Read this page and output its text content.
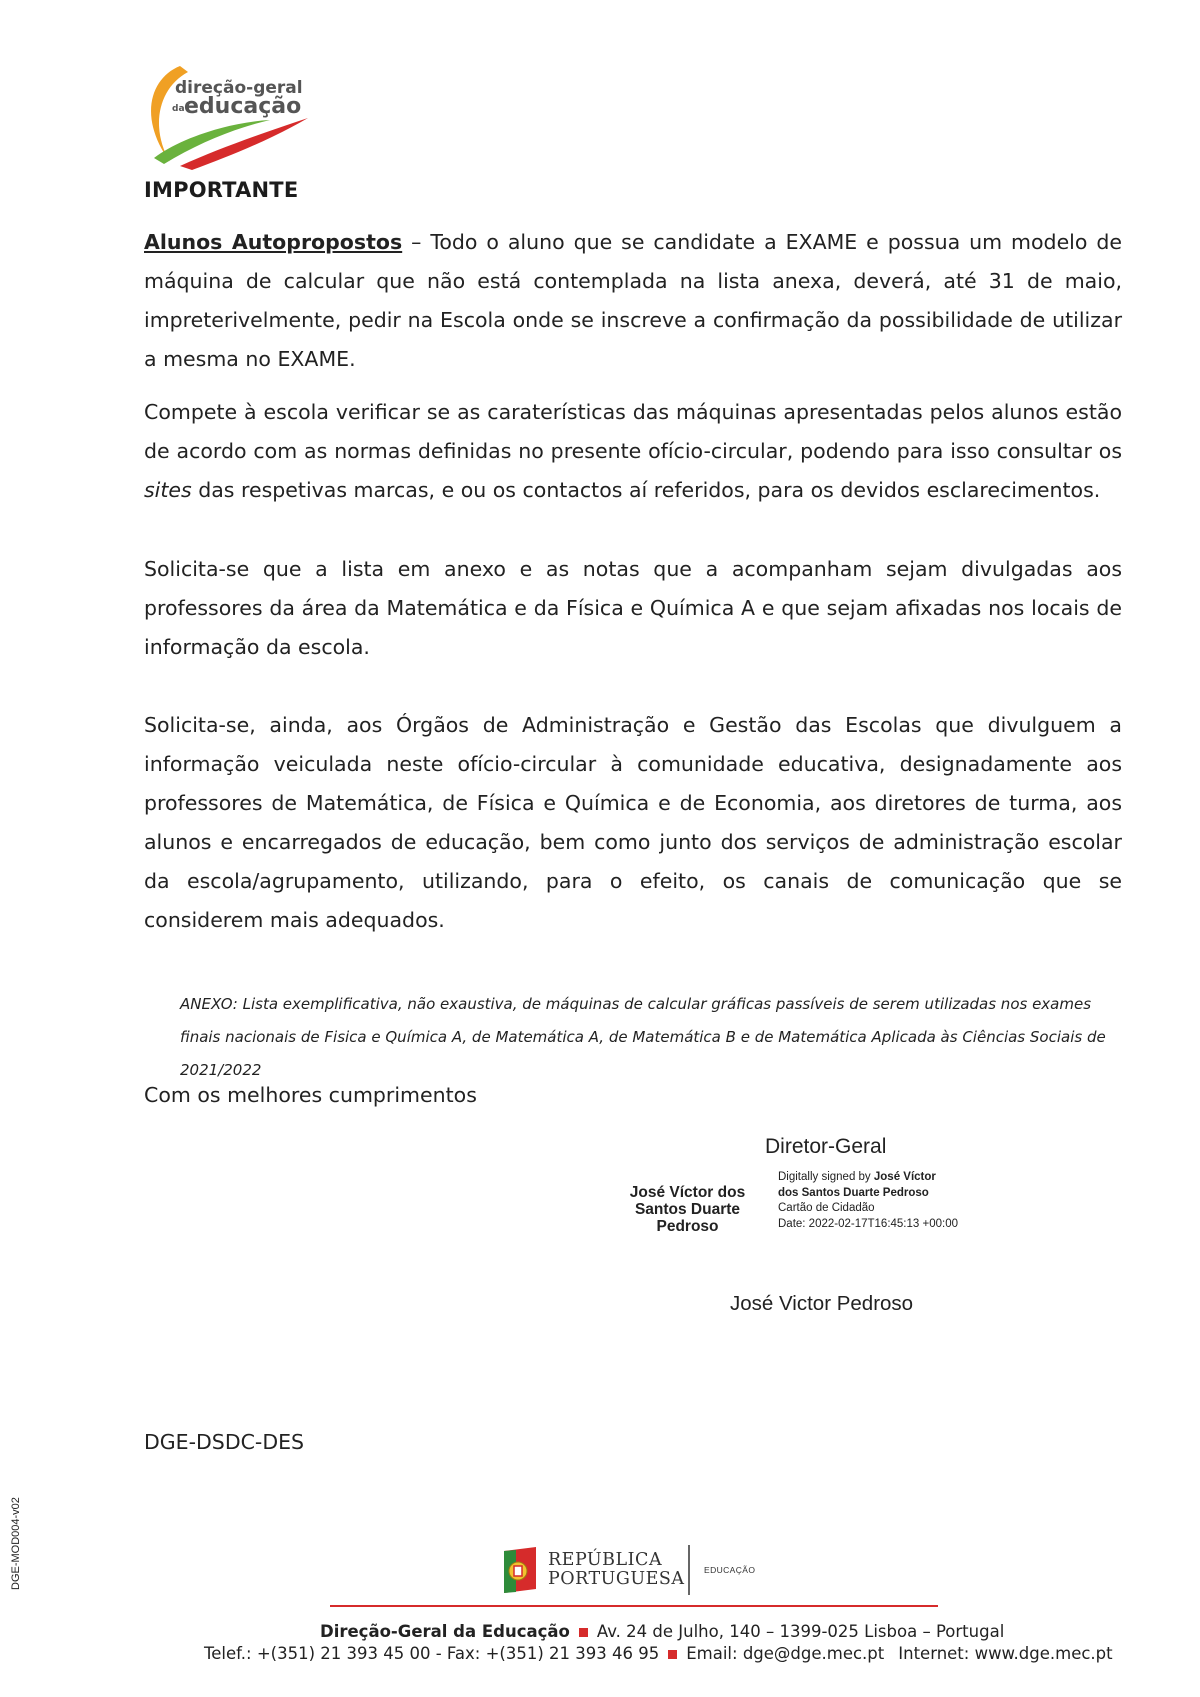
direção-geral
da educação
IMPORTANTE
Alunos Autopropostos – Todo o aluno que se candidate a EXAME e possua um modelo de máquina de calcular que não está contemplada na lista anexa, deverá, até 31 de maio, impreterivelmente, pedir na Escola onde se inscreve a confirmação da possibilidade de utilizar a mesma no EXAME.
Compete à escola verificar se as caraterísticas das máquinas apresentadas pelos alunos estão de acordo com as normas definidas no presente ofício-circular, podendo para isso consultar os sites das respetivas marcas, e ou os contactos aí referidos, para os devidos esclarecimentos.
Solicita-se que a lista em anexo e as notas que a acompanham sejam divulgadas aos professores da área da Matemática e da Física e Química A e que sejam afixadas nos locais de informação da escola.
Solicita-se, ainda, aos Órgãos de Administração e Gestão das Escolas que divulguem a informação veiculada neste ofício-circular à comunidade educativa, designadamente aos professores de Matemática, de Física e Química e de Economia, aos diretores de turma, aos alunos e encarregados de educação, bem como junto dos serviços de administração escolar da escola/agrupamento, utilizando, para o efeito, os canais de comunicação que se considerem mais adequados.
ANEXO: Lista exemplificativa, não exaustiva, de máquinas de calcular gráficas passíveis de serem utilizadas nos exames finais nacionais de Fisica e Química A, de Matemática A, de Matemática B e de Matemática Aplicada às Ciências Sociais de 2021/2022
Com os melhores cumprimentos
Diretor-Geral
José Víctor dos Santos Duarte Pedroso
Digitally signed by José Víctor dos Santos Duarte Pedroso
Cartão de Cidadão
Date: 2022-02-17T16:45:13 +00:00
José Victor Pedroso
DGE-DSDC-DES
DGE-MOD004-v02	REPÚBLICA
PORTUGUESA EDUCAÇÃO
Direção-Geral da Educação Av. 24 de Julho, 140 – 1399-025 Lisboa – Portugal
Telef.: +(351) 21 393 45 00 - Fax: +(351) 21 393 46 95 Email: dge@dge.mec.pt Internet: www.dge.mec.pt
